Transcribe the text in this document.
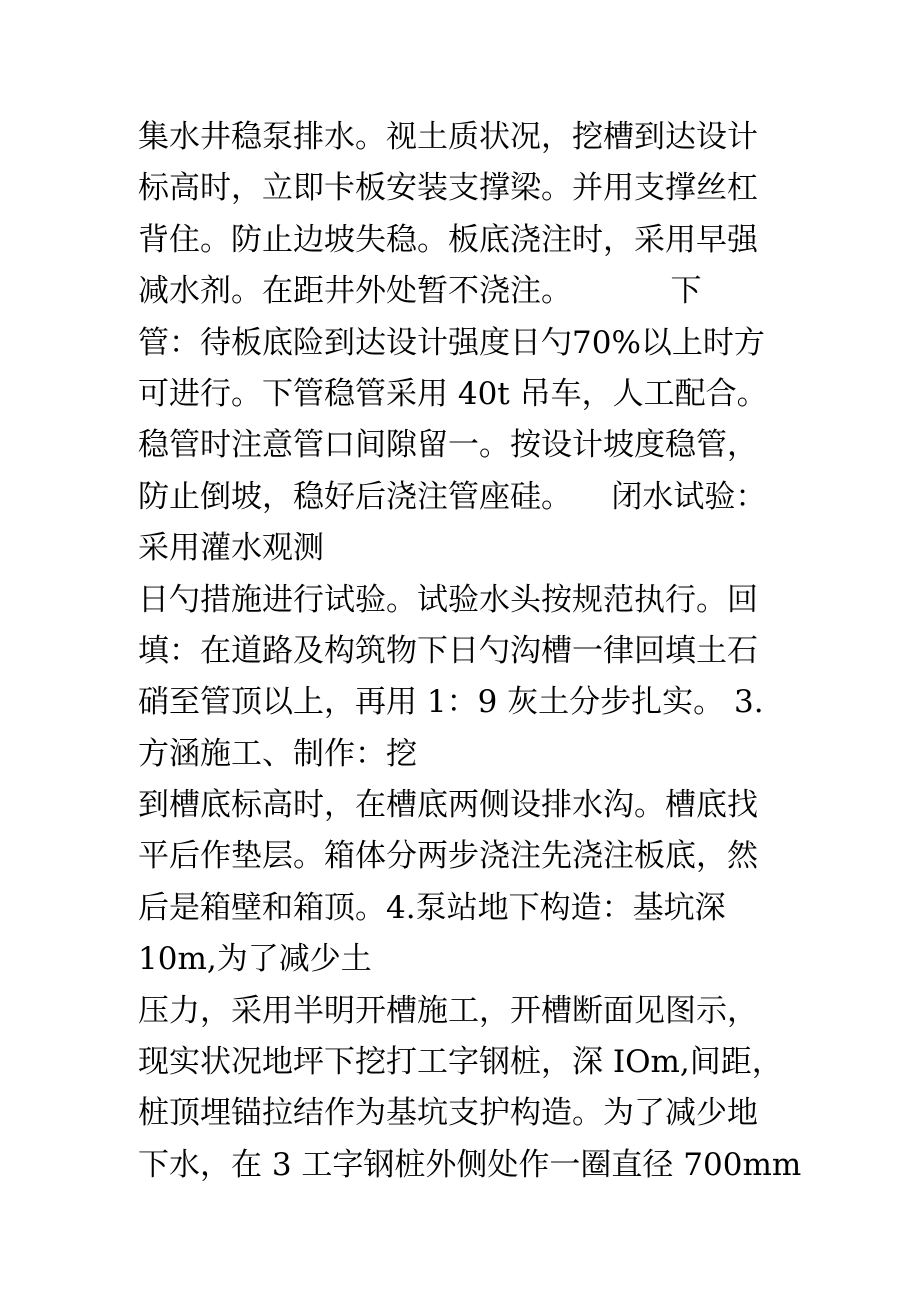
集水井稳泵排水。视土质状况，挖槽到达设计
标高时，立即卡板安装支撑梁。并用支撑丝杠
背住。防止边坡失稳。板底浇注时，采用早强
减水剂。在距井外处暂不浇注。          下
管：待板底险到达设计强度日勺70%以上时方
可进行。下管稳管采用 40t 吊车，人工配合。
稳管时注意管口间隙留一。按设计坡度稳管，
防止倒坡，稳好后浇注管座硅。    闭水试验：
采用灌水观测
日勺措施进行试验。试验水头按规范执行。回
填：在道路及构筑物下日勺沟槽一律回填土石
硝至管顶以上，再用 1：9 灰土分步扎实。 3.
方涵施工、制作：挖
到槽底标高时，在槽底两侧设排水沟。槽底找
平后作垫层。箱体分两步浇注先浇注板底，然
后是箱壁和箱顶。4.泵站地下构造：基坑深
10m,为了减少土
压力，采用半明开槽施工，开槽断面见图示，
现实状况地坪下挖打工字钢桩，深 IOm,间距，
桩顶埋锚拉结作为基坑支护构造。为了减少地
下水，在 3 工字钢桩外侧处作一圈直径 700mm
